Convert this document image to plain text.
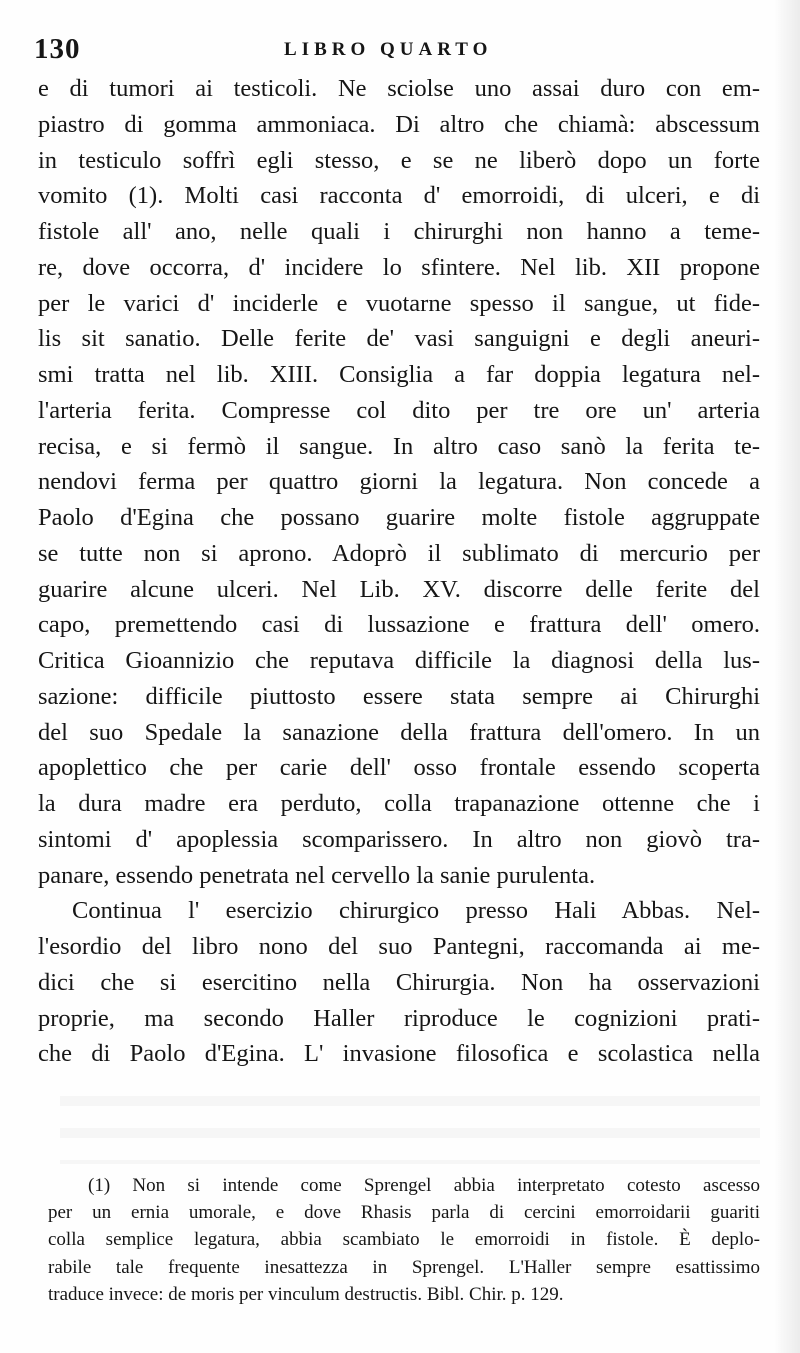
130	LIBRO QUARTO
e di tumori ai testicoli. Ne sciolse uno assai duro con em-
piastro di gomma ammoniaca. Di altro che chiamà: abscessum
in testiculo soffrì egli stesso, e se ne liberò dopo un forte
vomito (1). Molti casi racconta d' emorroidi, di ulceri, e di
fistole all' ano, nelle quali i chirurghi non hanno a teme-
re, dove occorra, d' incidere lo sfintere. Nel lib. XII propone
per le varici d' inciderle e vuotarne spesso il sangue, ut fide-
lis sit sanatio. Delle ferite de' vasi sanguigni e degli aneuri-
smi tratta nel lib. XIII. Consiglia a far doppia legatura nel-
l'arteria ferita. Compresse col dito per tre ore un' arteria
recisa, e si fermò il sangue. In altro caso sanò la ferita te-
nendovi ferma per quattro giorni la legatura. Non concede a
Paolo d'Egina che possano guarire molte fistole aggruppate
se tutte non si aprono. Adoprò il sublimato di mercurio per
guarire alcune ulceri. Nel Lib. XV. discorre delle ferite del
capo, premettendo casi di lussazione e frattura dell' omero.
Critica Gioannizio che reputava difficile la diagnosi della lus-
sazione: difficile piuttosto essere stata sempre ai Chirurghi
del suo Spedale la sanazione della frattura dell'omero. In un
apoplettico che per carie dell' osso frontale essendo scoperta
la dura madre era perduto, colla trapanazione ottenne che i
sintomi d' apoplessia scomparissero. In altro non giovò tra-
panare, essendo penetrata nel cervello la sanie purulenta.
Continua l' esercizio chirurgico presso Hali Abbas. Nel-
l'esordio del libro nono del suo Pantegni, raccomanda ai me-
dici che si esercitino nella Chirurgia. Non ha osservazioni
proprie, ma secondo Haller riproduce le cognizioni prati-
che di Paolo d'Egina. L' invasione filosofica e scolastica nella
(1) Non si intende come Sprengel abbia interpretato cotesto ascesso
per un ernia umorale, e dove Rhasis parla di cercini emorroidarii guariti
colla semplice legatura, abbia scambiato le emorroidi in fistole. È deplo-
rabile tale frequente inesattezza in Sprengel. L'Haller sempre esattissimo
traduce invece: de moris per vinculum destructis. Bibl. Chir. p. 129.
